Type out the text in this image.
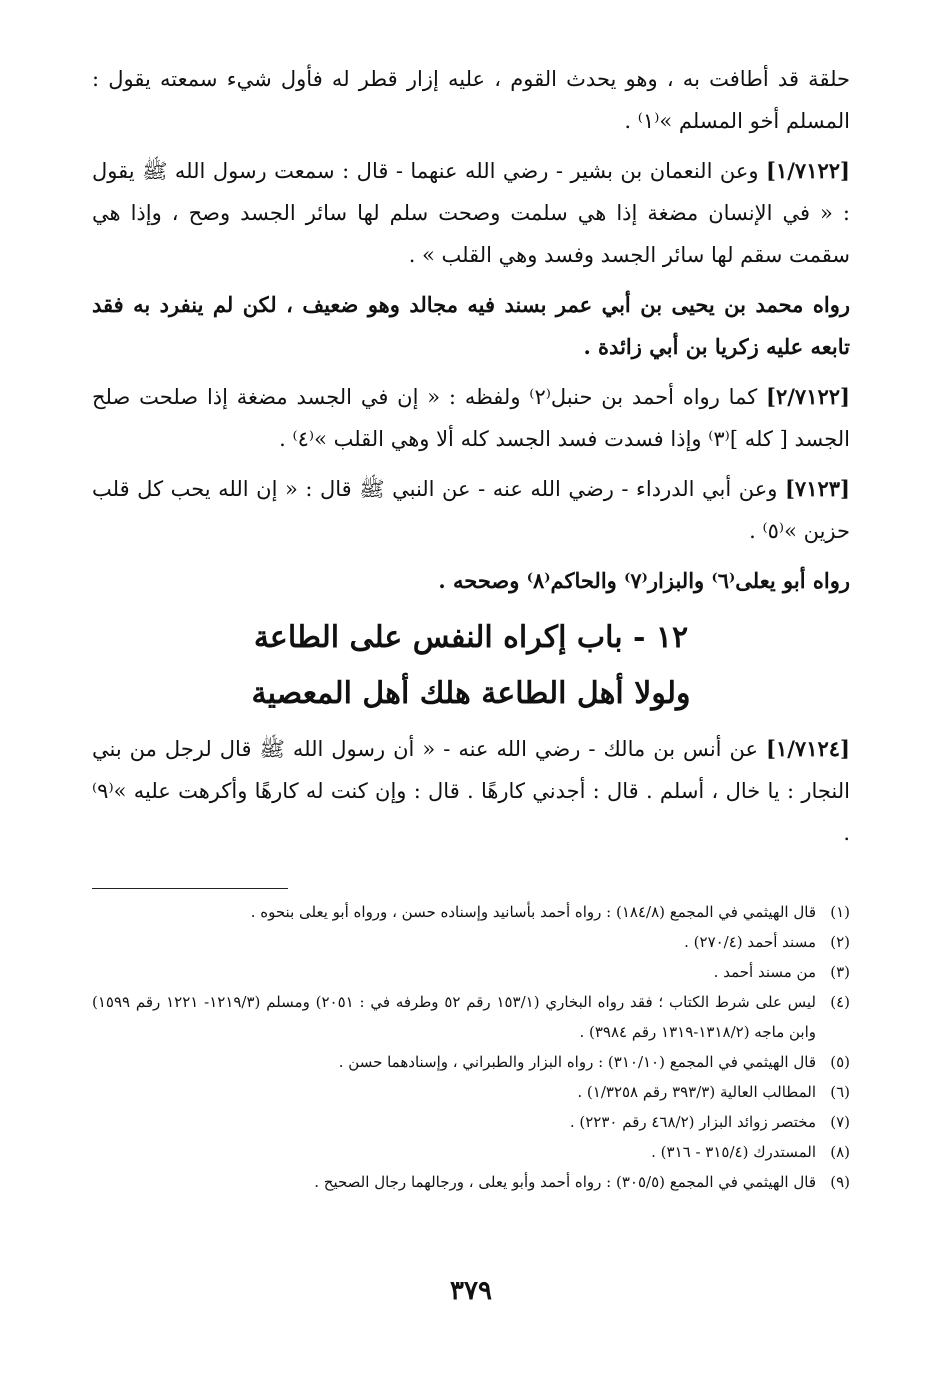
حلقة قد أطافت به ، وهو يحدث القوم ، عليه إزار قطر له فأول شيء سمعته يقول : المسلم أخو المسلم »⁽١⁾ .

[١/٧١٢٢] وعن النعمان بن بشير - رضي الله عنهما - قال : سمعت رسول الله ﷺ يقول : « في الإنسان مضغة إذا هي سلمت وصحت سلم لها سائر الجسد وصح ، وإذا هي سقمت سقم لها سائر الجسد وفسد وهي القلب » .

رواه محمد بن يحيى بن أبي عمر بسند فيه مجالد وهو ضعيف ، لكن لم ينفرد به فقد تابعه عليه زكريا بن أبي زائدة .

[٢/٧١٢٢] كما رواه أحمد بن حنبل⁽٢⁾ ولفظه : « إن في الجسد مضغة إذا صلحت صلح الجسد [ كله ]⁽٣⁾ وإذا فسدت فسد الجسد كله ألا وهي القلب »⁽٤⁾ .

[٧١٢٣] وعن أبي الدرداء - رضي الله عنه - عن النبي ﷺ قال : « إن الله يحب كل قلب حزين »⁽٥⁾ .

رواه أبو يعلى⁽٦⁾ والبزار⁽٧⁾ والحاكم⁽٨⁾ وصححه .

١٢ - باب إكراه النفس على الطاعة
ولولا أهل الطاعة هلك أهل المعصية

[١/٧١٢٤] عن أنس بن مالك - رضي الله عنه - « أن رسول الله ﷺ قال لرجل من بني النجار : يا خال ، أسلم . قال : أجدني كارهًا . قال : وإن كنت له كارهًا وأكرهت عليه »⁽٩⁾ .

(١)
قال الهيثمي في المجمع (١٨٤/٨) : رواه أحمد بأسانيد وإسناده حسن ، ورواه أبو يعلى بنحوه .
(٢)
مسند أحمد (٢٧٠/٤) .
(٣)
من مسند أحمد .
(٤)
ليس على شرط الكتاب ؛ فقد رواه البخاري (١٥٣/١ رقم ٥٢ وطرفه في : ٢٠٥١) ومسلم (١٢١٩/٣- ١٢٢١ رقم ١٥٩٩) وابن ماجه (١٣١٨/٢-١٣١٩ رقم ٣٩٨٤) .
(٥)
قال الهيثمي في المجمع (٣١٠/١٠) : رواه البزار والطبراني ، وإسنادهما حسن .
(٦)
المطالب العالية (٣٩٣/٣ رقم ١/٣٢٥٨) .
(٧)
مختصر زوائد البزار (٤٦٨/٢ رقم ٢٢٣٠) .
(٨)
المستدرك (٣١٥/٤ - ٣١٦) .
(٩)
قال الهيثمي في المجمع (٣٠٥/٥) : رواه أحمد وأبو يعلى ، ورجالهما رجال الصحيح .
٣٧٩
